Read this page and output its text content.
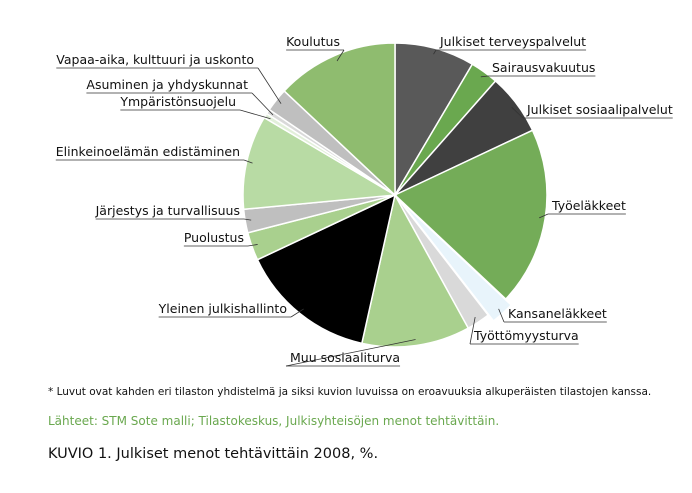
Julkiset terveyspalvelut
Sairausvakuutus
Julkiset sosiaalipalvelut
Työeläkkeet
Kansaneläkkeet
Työttömyysturva
Muu sosiaaliturva
Yleinen julkishallinto
Puolustus
Järjestys ja turvallisuus
Elinkeinoelämän edistäminen
Ympäristönsuojelu
Asuminen ja yhdyskunnat
Vapaa-aika, kulttuuri ja uskonto
Koulutus
* Luvut ovat kahden eri tilaston yhdistelmä ja siksi kuvion luvuissa on eroavuuksia alkuperäisten tilastojen kanssa.
Lähteet: STM Sote malli; Tilastokeskus, Julkisyhteisöjen menot tehtävittäin.
KUVIO 1. Julkiset menot tehtävittäin 2008, %.
